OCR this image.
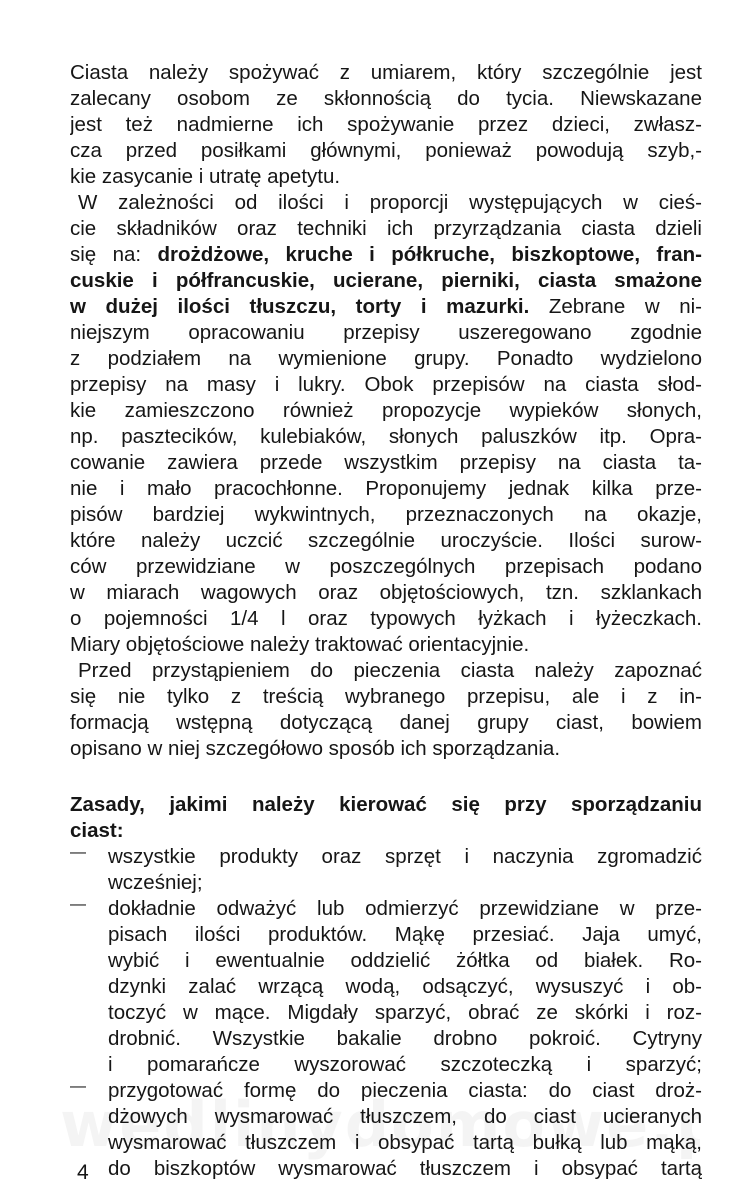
Ciasta należy spożywać z umiarem, który szczególnie jest
zalecany osobom ze skłonnością do tycia. Niewskazane
jest też nadmierne ich spożywanie przez dzieci, zwłasz-
cza przed posiłkami głównymi, ponieważ powodują szyb,-
kie zasycanie i utratę apetytu.
W zależności od ilości i proporcji występujących w cieś-
cie składników oraz techniki ich przyrządzania ciasta dzieli
się na: drożdżowe, kruche i półkruche, biszkoptowe, fran-
cuskie i półfrancuskie, ucierane, pierniki, ciasta smażone
w dużej ilości tłuszczu, torty i mazurki. Zebrane w ni-
niejszym opracowaniu przepisy uszeregowano zgodnie
z podziałem na wymienione grupy. Ponadto wydzielono
przepisy na masy i lukry. Obok przepisów na ciasta słod-
kie zamieszczono również propozycje wypieków słonych,
np. pasztecików, kulebiaków, słonych paluszków itp. Opra-
cowanie zawiera przede wszystkim przepisy na ciasta ta-
nie i mało pracochłonne. Proponujemy jednak kilka prze-
pisów bardziej wykwintnych, przeznaczonych na okazje,
które należy uczcić szczególnie uroczyście. Ilości surow-
ców przewidziane w poszczególnych przepisach podano
w miarach wagowych oraz objętościowych, tzn. szklankach
o pojemności 1/4 l oraz typowych łyżkach i łyżeczkach.
Miary objętościowe należy traktować orientacyjnie.
Przed przystąpieniem do pieczenia ciasta należy zapoznać
się nie tylko z treścią wybranego przepisu, ale i z in-
formacją wstępną dotyczącą danej grupy ciast, bowiem
opisano w niej szczegółowo sposób ich sporządzania.
Zasady, jakimi należy kierować się przy sporządzaniu
ciast:
— wszystkie produkty oraz sprzęt i naczynia zgromadzić
wcześniej;
— dokładnie odważyć lub odmierzyć przewidziane w prze-
pisach ilości produktów. Mąkę przesiać. Jaja umyć,
wybić i ewentualnie oddzielić żółtka od białek. Ro-
dzynki zalać wrzącą wodą, odsączyć, wysuszyć i ob-
toczyć w mące. Migdały sparzyć, obrać ze skórki i roz-
drobnić. Wszystkie bakalie drobno pokroić. Cytryny
i pomarańcze wyszorować szczoteczką i sparzyć;
— przygotować formę do pieczenia ciasta: do ciast droż-
dżowych wysmarować tłuszczem, do ciast ucieranych
wysmarować tłuszczem i obsypać tartą bułką lub mąką,
do biszkoptów wysmarować tłuszczem i obsypać tartą
4
